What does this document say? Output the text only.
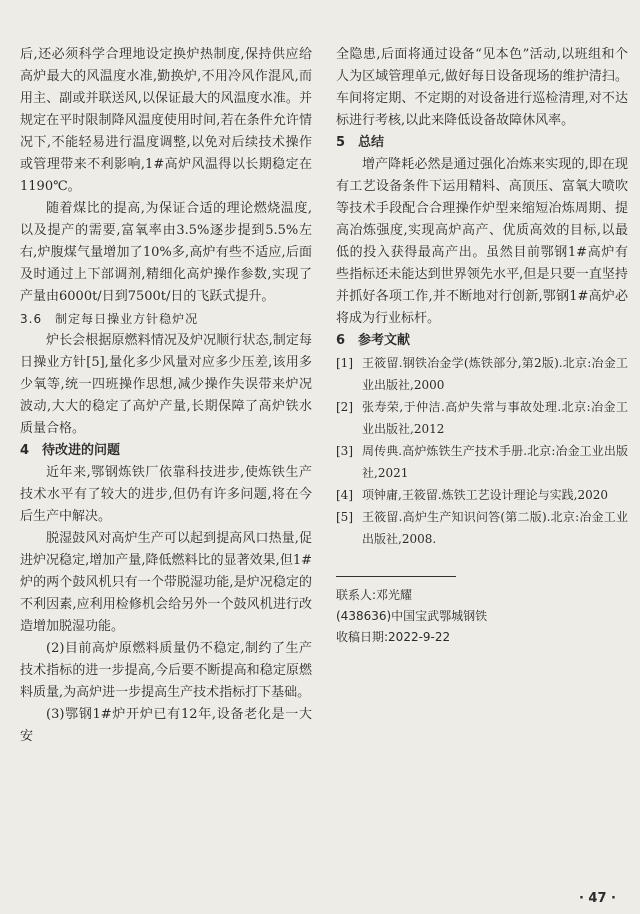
后,还必须科学合理地设定换炉热制度,保持供应给高炉最大的风温度水准,勤换炉,不用冷风作混风,而用主、副或并联送风,以保证最大的风温度水准。并规定在平时限制降风温度使用时间,若在条件允许情况下,不能轻易进行温度调整,以免对后续技术操作或管理带来不利影响,1#高炉风温得以长期稳定在1190℃。

随着煤比的提高,为保证合适的理论燃烧温度,以及提产的需要,富氧率由3.5%逐步提到5.5%左右,炉腹煤气量增加了10%多,高炉有些不适应,后面及时通过上下部调剂,精细化高炉操作参数,实现了产量由6000t/日到7500t/日的飞跃式提升。

3.6　制定每日操业方针稳炉况

炉长会根据原燃料情况及炉况顺行状态,制定每日操业方针[5],量化多少风量对应多少压差,该用多少氧等,统一四班操作思想,减少操作失误带来炉况波动,大大的稳定了高炉产量,长期保障了高炉铁水质量合格。

4　待改进的问题

近年来,鄂钢炼铁厂依靠科技进步,使炼铁生产技术水平有了较大的进步,但仍有许多问题,将在今后生产中解决。

脱湿鼓风对高炉生产可以起到提高风口热量,促进炉况稳定,增加产量,降低燃料比的显著效果,但1#炉的两个鼓风机只有一个带脱湿功能,是炉况稳定的不利因素,应利用检修机会给另外一个鼓风机进行改造增加脱湿功能。

(2)目前高炉原燃料质量仍不稳定,制约了生产技术指标的进一步提高,今后要不断提高和稳定原燃料质量,为高炉进一步提高生产技术指标打下基础。

(3)鄂钢1#炉开炉已有12年,设备老化是一大安

全隐患,后面将通过设备“见本色”活动,以班组和个人为区域管理单元,做好每日设备现场的维护清扫。车间将定期、不定期的对设备进行巡检清理,对不达标进行考核,以此来降低设备故障休风率。

5　总结

增产降耗必然是通过强化冶炼来实现的,即在现有工艺设备条件下运用精料、高顶压、富氧大喷吹等技术手段配合合理操作炉型来缩短冶炼周期、提高冶炼强度,实现高炉高产、优质高效的目标,以最低的投入获得最高产出。虽然目前鄂钢1#高炉有些指标还未能达到世界领先水平,但是只要一直坚持并抓好各项工作,并不断地对行创新,鄂钢1#高炉必将成为行业标杆。

6　参考文献

[1] 王筱留.钢铁冶金学(炼铁部分,第2版).北京:冶金工业出版社,2000
[2] 张寿荣,于仲洁.高炉失常与事故处理.北京:冶金工业出版社,2012
[3] 周传典.高炉炼铁生产技术手册.北京:冶金工业出版社,2021
[4] 项钟庸,王筱留.炼铁工艺设计理论与实践,2020
[5] 王筱留.高炉生产知识问答(第二版).北京:冶金工业出版社,2008.
联系人:邓光耀
(438636)中国宝武鄂城钢铁
收稿日期:2022-9-22
· 47 ·
